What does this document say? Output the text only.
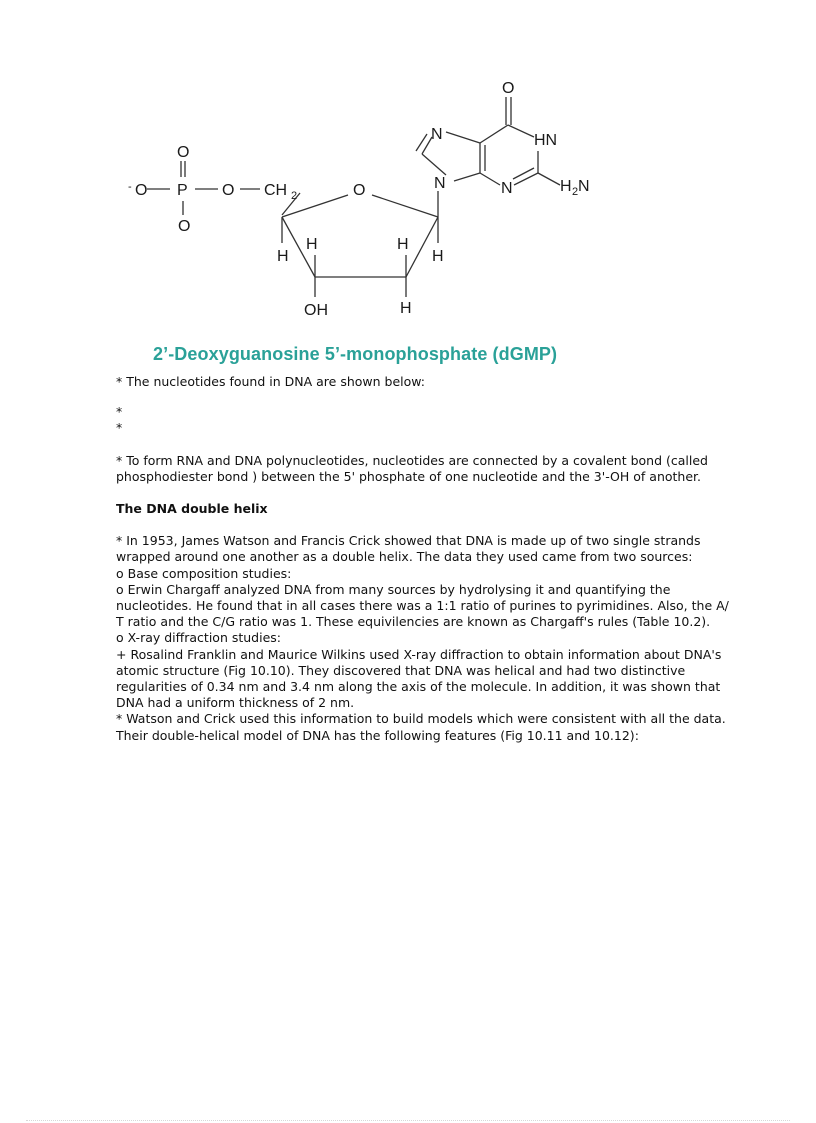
- O
O
P
O
O CH 2	O
H
H	H
H
OH	H
N
N
N
HN
O
H 2 N

2’-Deoxyguanosine 5’-monophosphate (dGMP)

* The nucleotides found in DNA are shown below:

*

*

* To form RNA and DNA polynucleotides, nucleotides are connected by a covalent bond (called phosphodiester bond ) between the 5' phosphate of one nucleotide and the 3'-OH of another.

The DNA double helix

* In 1953, James Watson and Francis Crick showed that DNA is made up of two single strands wrapped around one another as a double helix. The data they used came from two sources:

o Base composition studies:

o Erwin Chargaff analyzed DNA from many sources by hydrolysing it and quantifying the nucleotides. He found that in all cases there was a 1:1 ratio of purines to pyrimidines. Also, the A/ T ratio and the C/G ratio was 1. These equivilencies are known as Chargaff's rules (Table 10.2).

o X-ray diffraction studies:

+ Rosalind Franklin and Maurice Wilkins used X-ray diffraction to obtain information about DNA's atomic structure (Fig 10.10). They discovered that DNA was helical and had two distinctive regularities of 0.34 nm and 3.4 nm along the axis of the molecule. In addition, it was shown that DNA had a uniform thickness of 2 nm.

* Watson and Crick used this information to build models which were consistent with all the data. Their double-helical model of DNA has the following features (Fig 10.11 and 10.12):
